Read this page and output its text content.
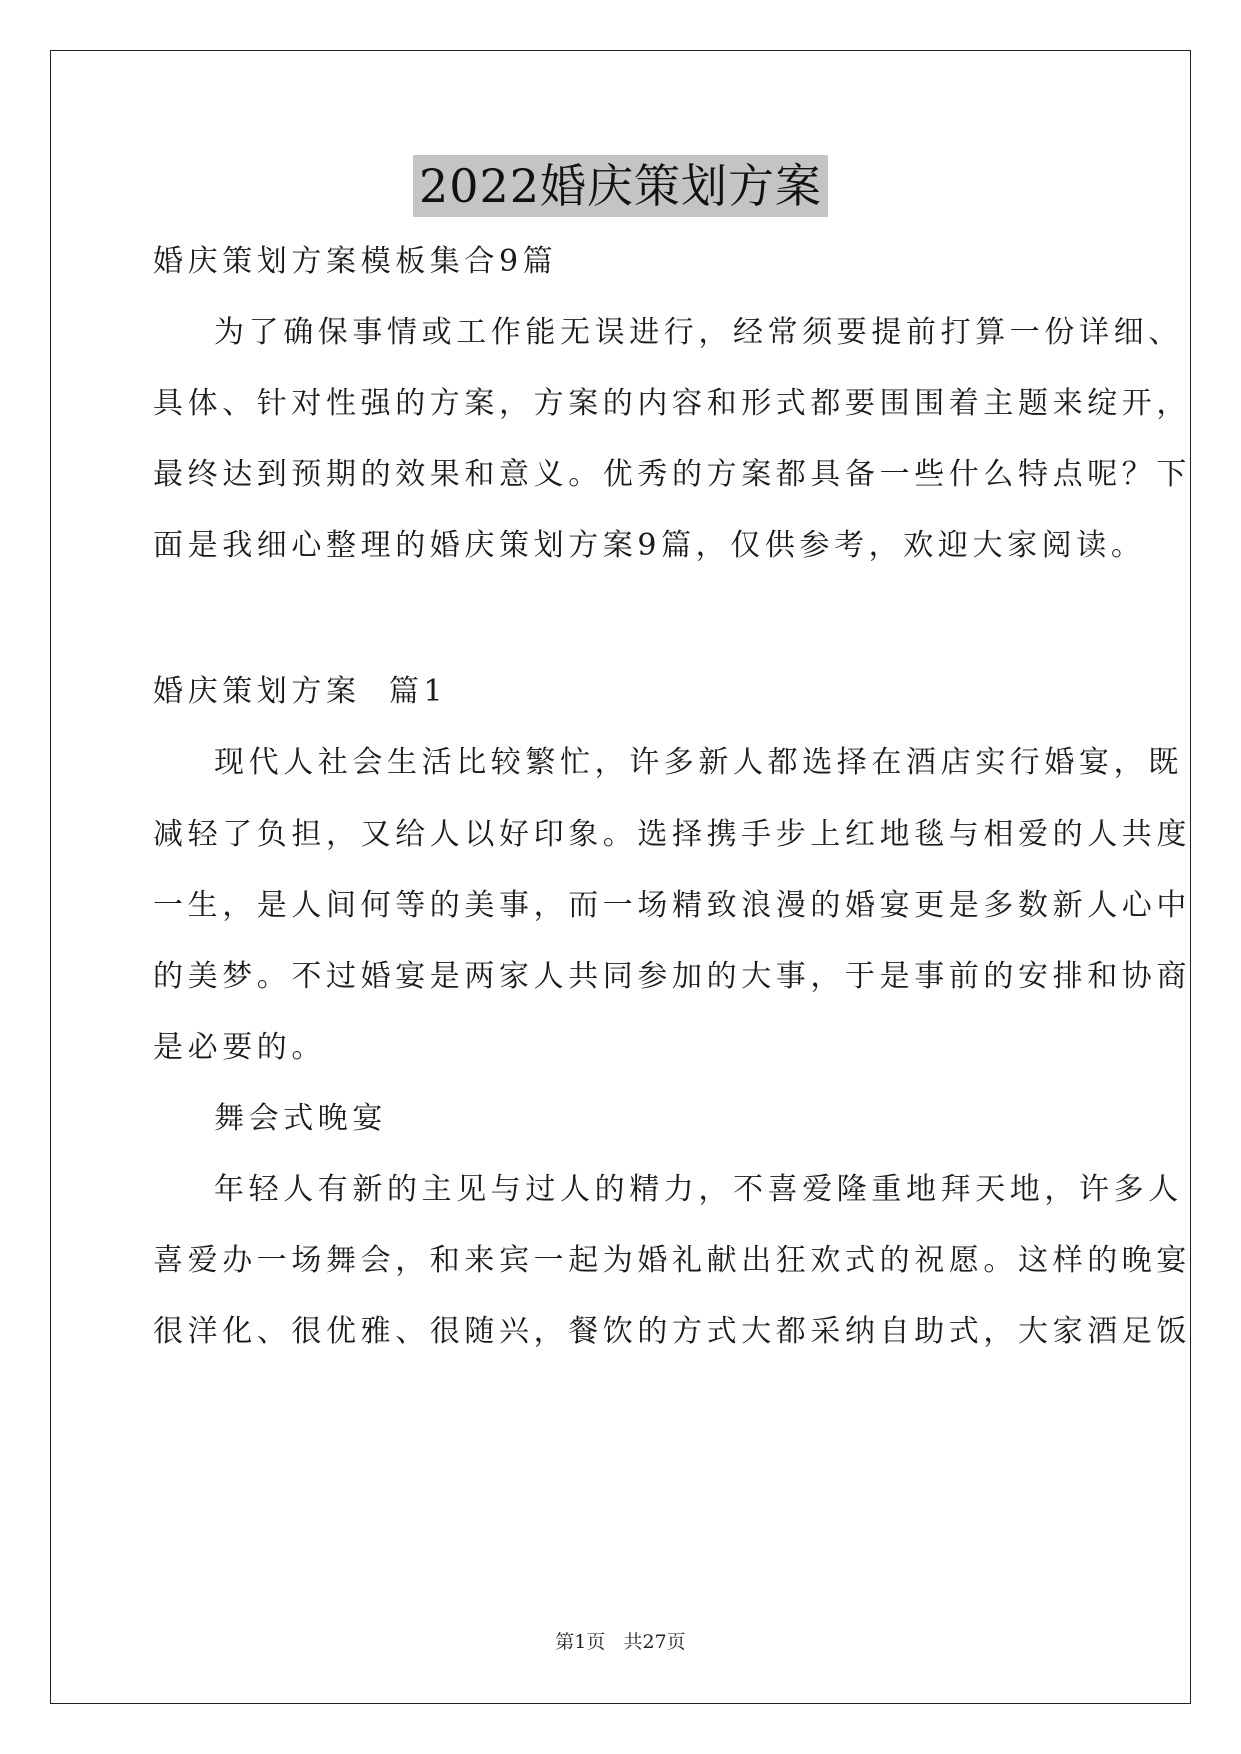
2022婚庆策划方案
婚庆策划方案模板集合9篇
为了确保事情或工作能无误进行，经常须要提前打算一份详细、
具体、针对性强的方案，方案的内容和形式都要围围着主题来绽开，
最终达到预期的效果和意义。优秀的方案都具备一些什么特点呢？下
面是我细心整理的婚庆策划方案9篇，仅供参考，欢迎大家阅读。
婚庆策划方案  篇1
现代人社会生活比较繁忙，许多新人都选择在酒店实行婚宴，既
减轻了负担，又给人以好印象。选择携手步上红地毯与相爱的人共度
一生，是人间何等的美事，而一场精致浪漫的婚宴更是多数新人心中
的美梦。不过婚宴是两家人共同参加的大事，于是事前的安排和协商
是必要的。
舞会式晚宴
年轻人有新的主见与过人的精力，不喜爱隆重地拜天地，许多人
喜爱办一场舞会，和来宾一起为婚礼献出狂欢式的祝愿。这样的晚宴
很洋化、很优雅、很随兴，餐饮的方式大都采纳自助式，大家酒足饭
第1页   共27页
